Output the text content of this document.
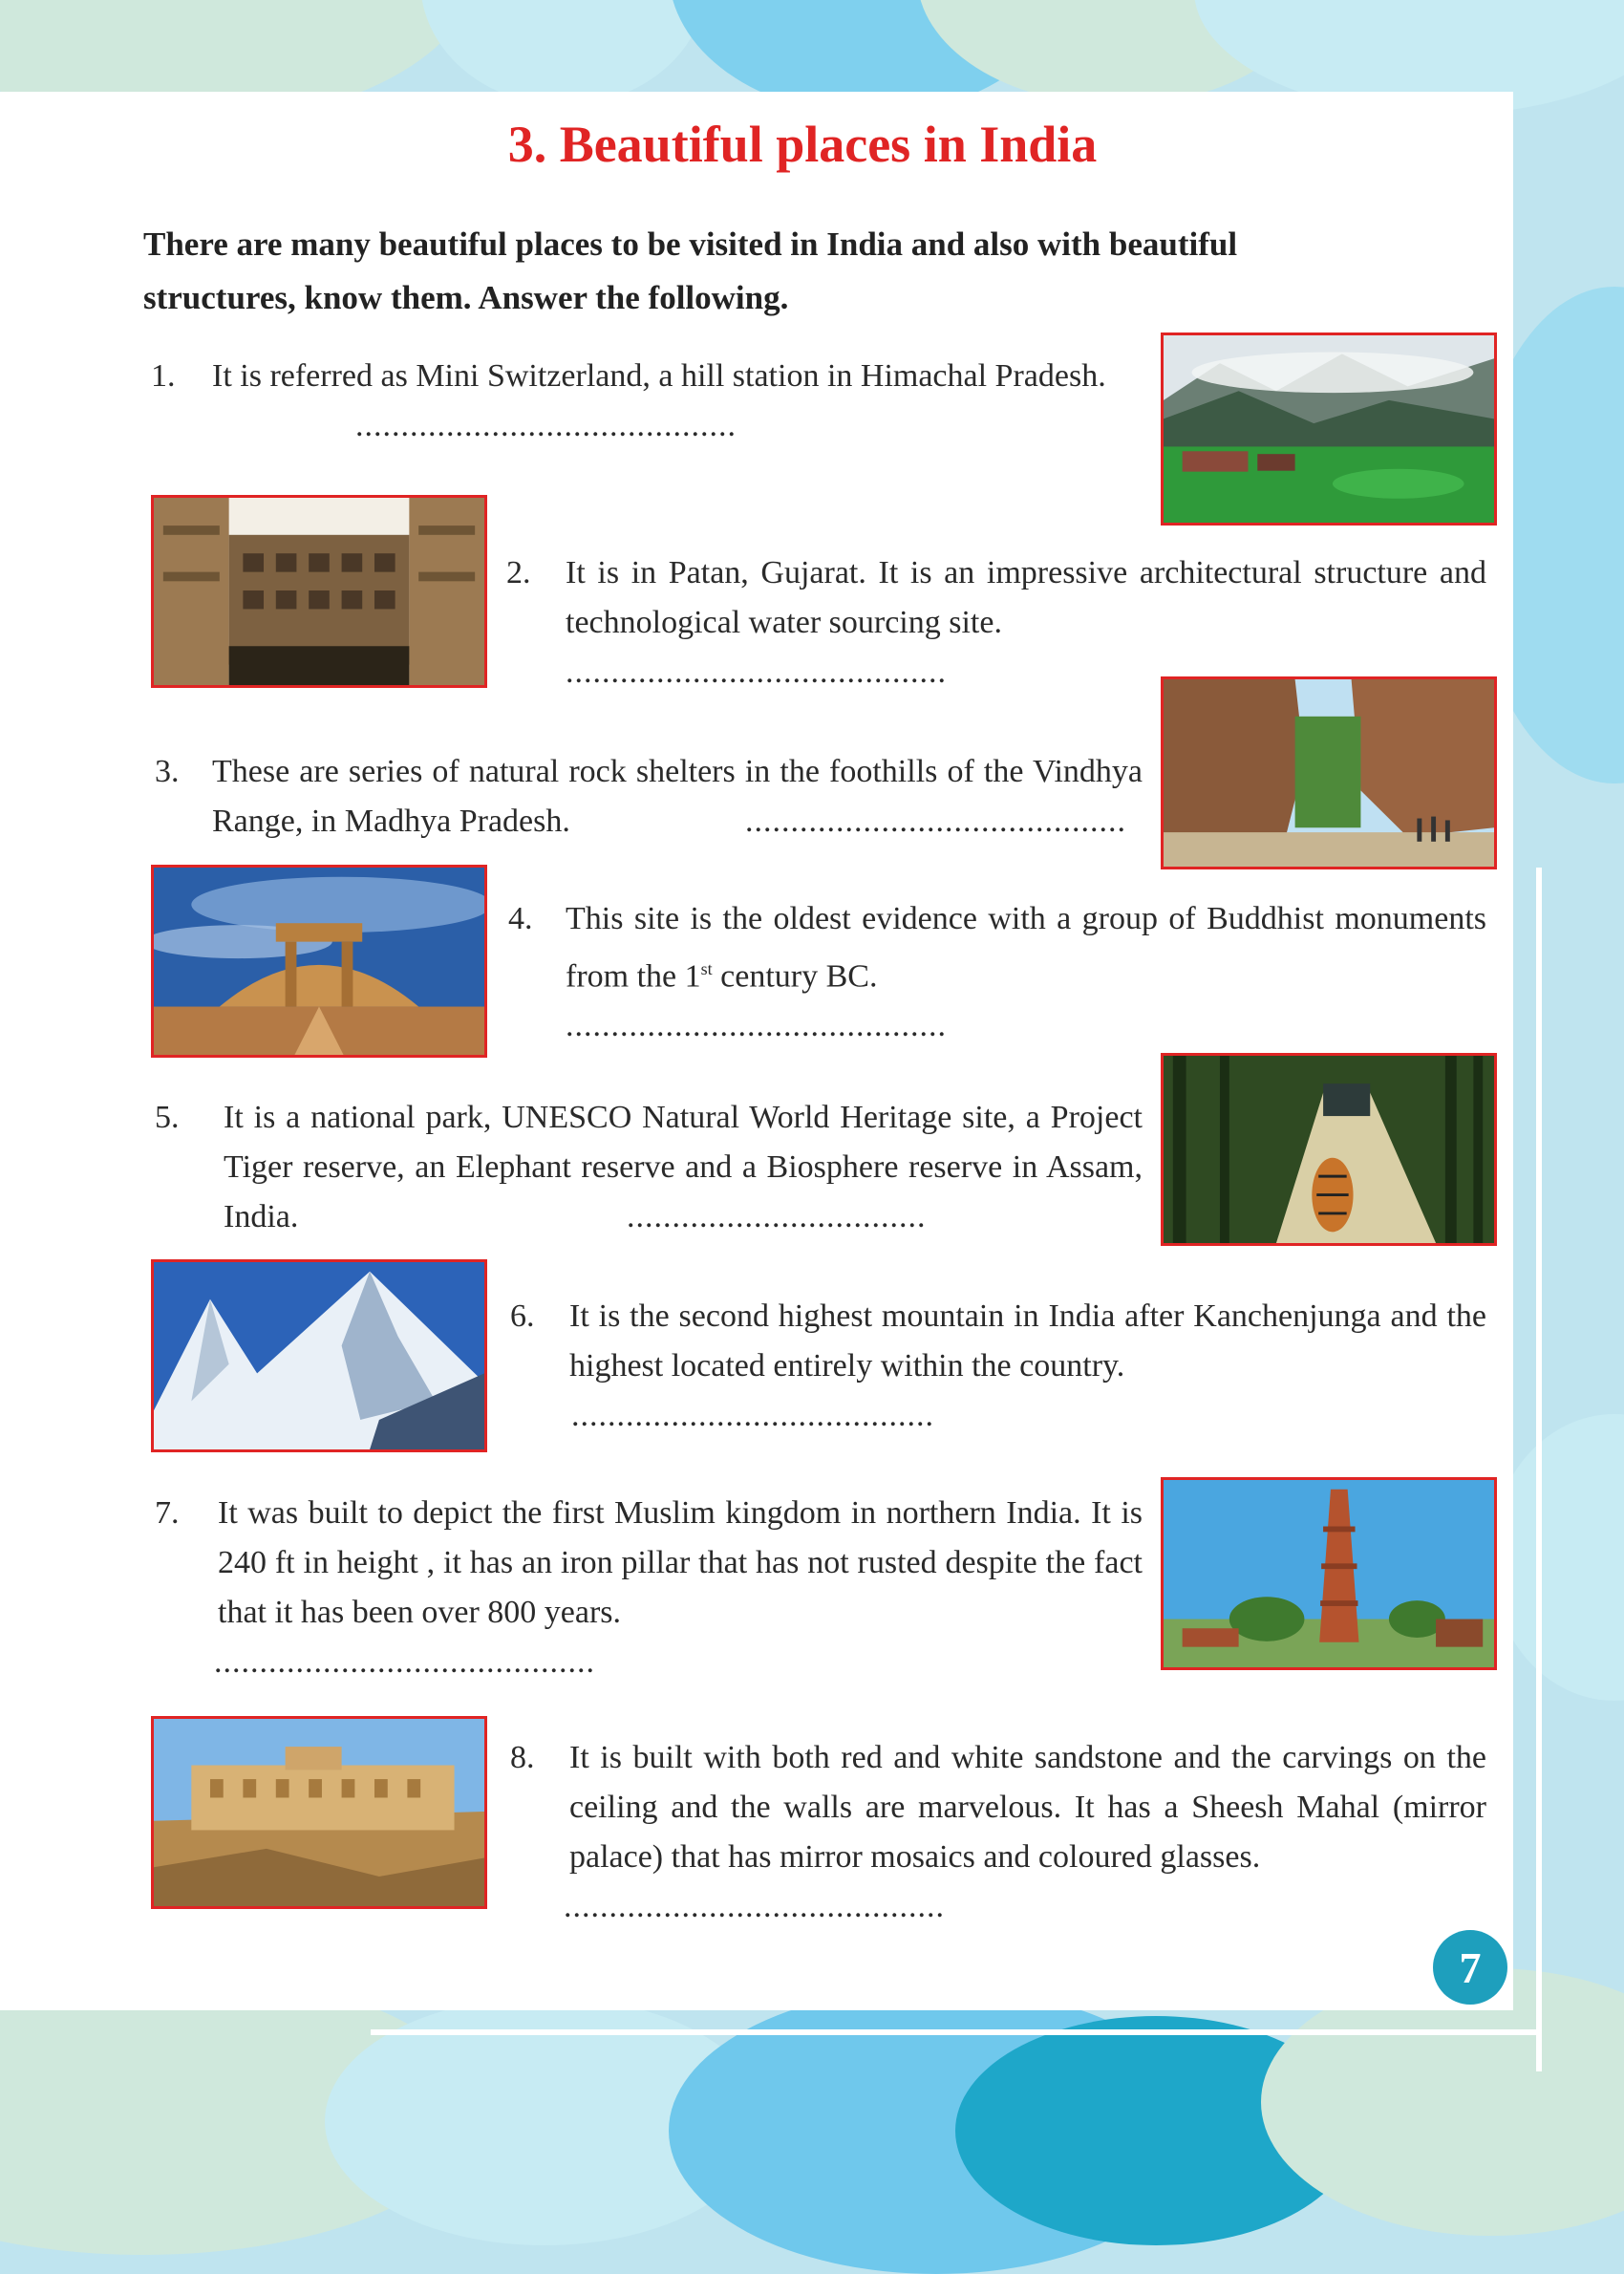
3. Beautiful places in India

There are many beautiful places to be visited in India and also with beautiful structures, know them. Answer the following.

1.	It is referred as Mini Switzerland, a hill station in Himachal Pradesh.
..........................................
2.	It is in Patan, Gujarat. It is an impressive architectural structure and technological water sourcing site.
..........................................
3.	These are series of natural rock shelters in the foothills of the Vindhya Range, in Madhya Pradesh.	..........................................
4.	This site is the oldest evidence with a group of Buddhist monuments from the 1st century BC.
..........................................
5.	It is a national park, UNESCO Natural World Heritage site, a Project Tiger reserve, an Elephant reserve and a Biosphere reserve in Assam, India.	.................................
6.	It is the second highest mountain in India after Kanchenjunga and the highest located entirely within the country.
........................................
7.	It was built to depict the first Muslim kingdom in northern India. It is 240 ft in height , it has an iron pillar that has not rusted despite the fact that it has been over 800 years.
..........................................
8.	It is built with both red and white sandstone and the carvings on the ceiling and the walls are marvelous. It has a Sheesh Mahal (mirror palace) that has mirror mosaics and coloured glasses.
..........................................
7
